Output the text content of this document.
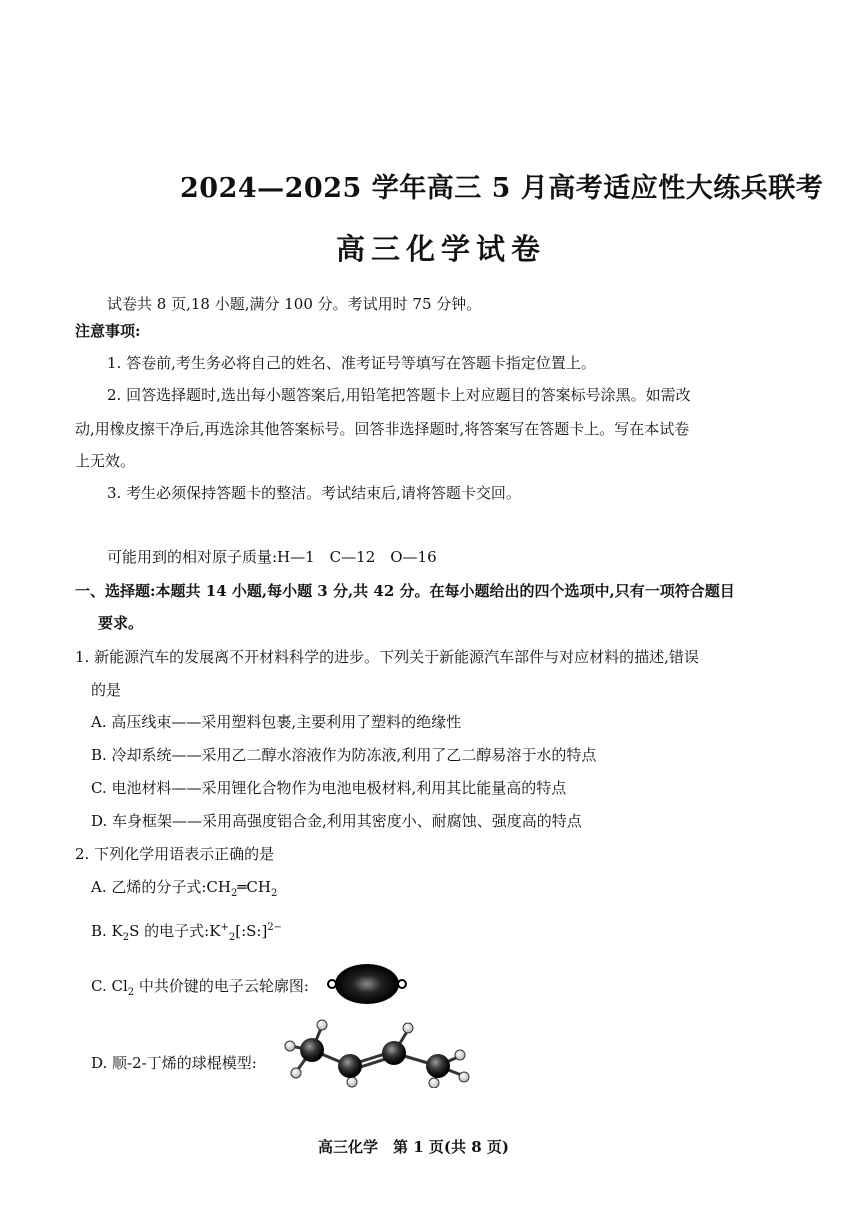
2024—2025 学年高三 5 月高考适应性大练兵联考
高三化学试卷
试卷共 8 页,18 小题,满分 100 分。考试用时 75 分钟。
注意事项:
1. 答卷前,考生务必将自己的姓名、准考证号等填写在答题卡指定位置上。
2. 回答选择题时,选出每小题答案后,用铅笔把答题卡上对应题目的答案标号涂黑。如需改
动,用橡皮擦干净后,再选涂其他答案标号。回答非选择题时,将答案写在答题卡上。写在本试卷
上无效。
3. 考生必须保持答题卡的整洁。考试结束后,请将答题卡交回。
可能用到的相对原子质量:H—1　C—12　O—16
一、选择题:本题共 14 小题,每小题 3 分,共 42 分。在每小题给出的四个选项中,只有一项符合题目
要求。
1. 新能源汽车的发展离不开材料科学的进步。下列关于新能源汽车部件与对应材料的描述,错误
的是
A. 高压线束——采用塑料包裹,主要利用了塑料的绝缘性
B. 冷却系统——采用乙二醇水溶液作为防冻液,利用了乙二醇易溶于水的特点
C. 电池材料——采用锂化合物作为电池电极材料,利用其比能量高的特点
D. 车身框架——采用高强度铝合金,利用其密度小、耐腐蚀、强度高的特点
2. 下列化学用语表示正确的是
A. 乙烯的分子式$:CH_2═CH_2$
B. $K_2S$ 的电子式$:K^+_2[:S:]^{2-}$
C. $Cl_2$ 中共价键的电子云轮廓图:
D. 顺-2-丁烯的球棍模型:
高三化学　第 1 页(共 8 页)
